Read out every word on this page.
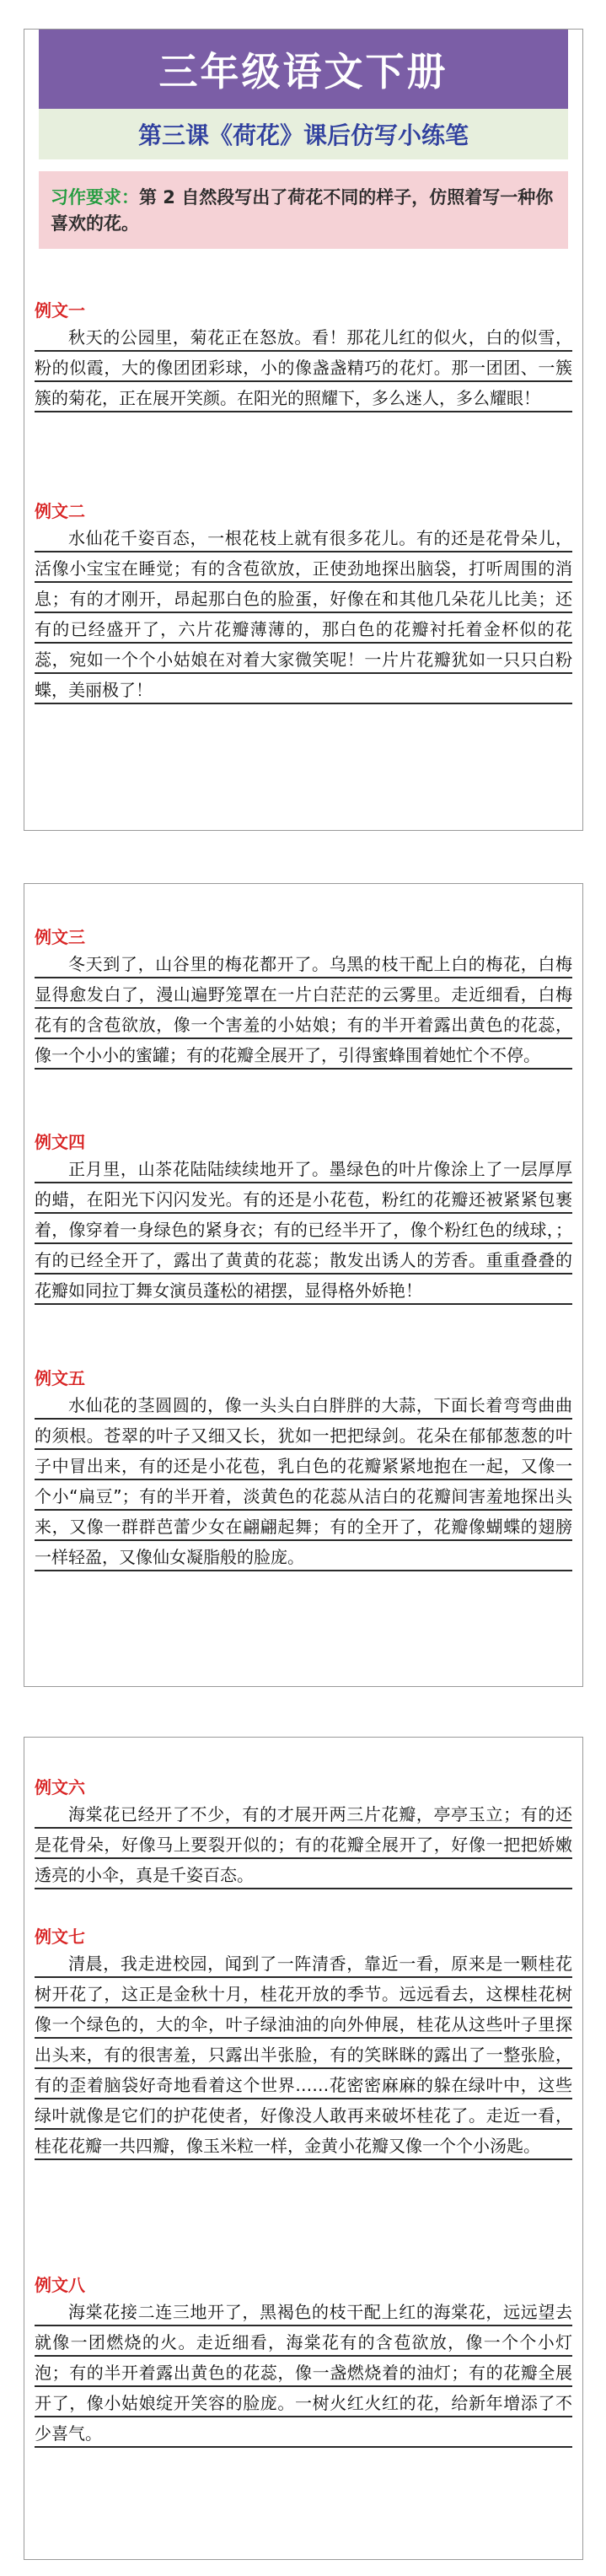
三年级语文下册
第三课《荷花》课后仿写小练笔
习作要求：第 2 自然段写出了荷花不同的样子，仿照着写一种你喜欢的花。
例文一
秋天的公园里，菊花正在怒放。看！那花儿红的似火，白的似雪，粉的似霞，大的像团团彩球，小的像盏盏精巧的花灯。那一团团、一簇簇的菊花，正在展开笑颜。在阳光的照耀下，多么迷人，多么耀眼！
例文二
水仙花千姿百态，一根花枝上就有很多花儿。有的还是花骨朵儿，活像小宝宝在睡觉；有的含苞欲放，正使劲地探出脑袋，打听周围的消息；有的才刚开，昂起那白色的脸蛋，好像在和其他几朵花儿比美；还有的已经盛开了，六片花瓣薄薄的，那白色的花瓣衬托着金杯似的花蕊，宛如一个个小姑娘在对着大家微笑呢！一片片花瓣犹如一只只白粉蝶，美丽极了！
例文三
冬天到了，山谷里的梅花都开了。乌黑的枝干配上白的梅花，白梅显得愈发白了，漫山遍野笼罩在一片白茫茫的云雾里。走近细看，白梅花有的含苞欲放，像一个害羞的小姑娘；有的半开着露出黄色的花蕊，像一个小小的蜜罐；有的花瓣全展开了，引得蜜蜂围着她忙个不停。
例文四
正月里，山茶花陆陆续续地开了。墨绿色的叶片像涂上了一层厚厚的蜡，在阳光下闪闪发光。有的还是小花苞，粉红的花瓣还被紧紧包裹着，像穿着一身绿色的紧身衣；有的已经半开了，像个粉红色的绒球，；有的已经全开了，露出了黄黄的花蕊；散发出诱人的芳香。重重叠叠的花瓣如同拉丁舞女演员蓬松的裙摆，显得格外娇艳！
例文五
水仙花的茎圆圆的，像一头头白白胖胖的大蒜，下面长着弯弯曲曲的须根。苍翠的叶子又细又长，犹如一把把绿剑。花朵在郁郁葱葱的叶子中冒出来，有的还是小花苞，乳白色的花瓣紧紧地抱在一起，又像一个小“扁豆”；有的半开着，淡黄色的花蕊从洁白的花瓣间害羞地探出头来，又像一群群芭蕾少女在翩翩起舞；有的全开了，花瓣像蝴蝶的翅膀一样轻盈，又像仙女凝脂般的脸庞。
例文六
海棠花已经开了不少，有的才展开两三片花瓣，亭亭玉立；有的还是花骨朵，好像马上要裂开似的；有的花瓣全展开了，好像一把把娇嫩透亮的小伞，真是千姿百态。
例文七
清晨，我走进校园，闻到了一阵清香，靠近一看，原来是一颗桂花树开花了，这正是金秋十月，桂花开放的季节。远远看去，这棵桂花树像一个绿色的，大的伞，叶子绿油油的向外伸展，桂花从这些叶子里探出头来，有的很害羞，只露出半张脸，有的笑眯眯的露出了一整张脸，有的歪着脑袋好奇地看着这个世界……花密密麻麻的躲在绿叶中，这些绿叶就像是它们的护花使者，好像没人敢再来破坏桂花了。走近一看，桂花花瓣一共四瓣，像玉米粒一样，金黄小花瓣又像一个个小汤匙。
例文八
海棠花接二连三地开了，黑褐色的枝干配上红的海棠花，远远望去就像一团燃烧的火。走近细看，海棠花有的含苞欲放，像一个个小灯泡；有的半开着露出黄色的花蕊，像一盏燃烧着的油灯；有的花瓣全展开了，像小姑娘绽开笑容的脸庞。一树火红火红的花，给新年增添了不少喜气。
